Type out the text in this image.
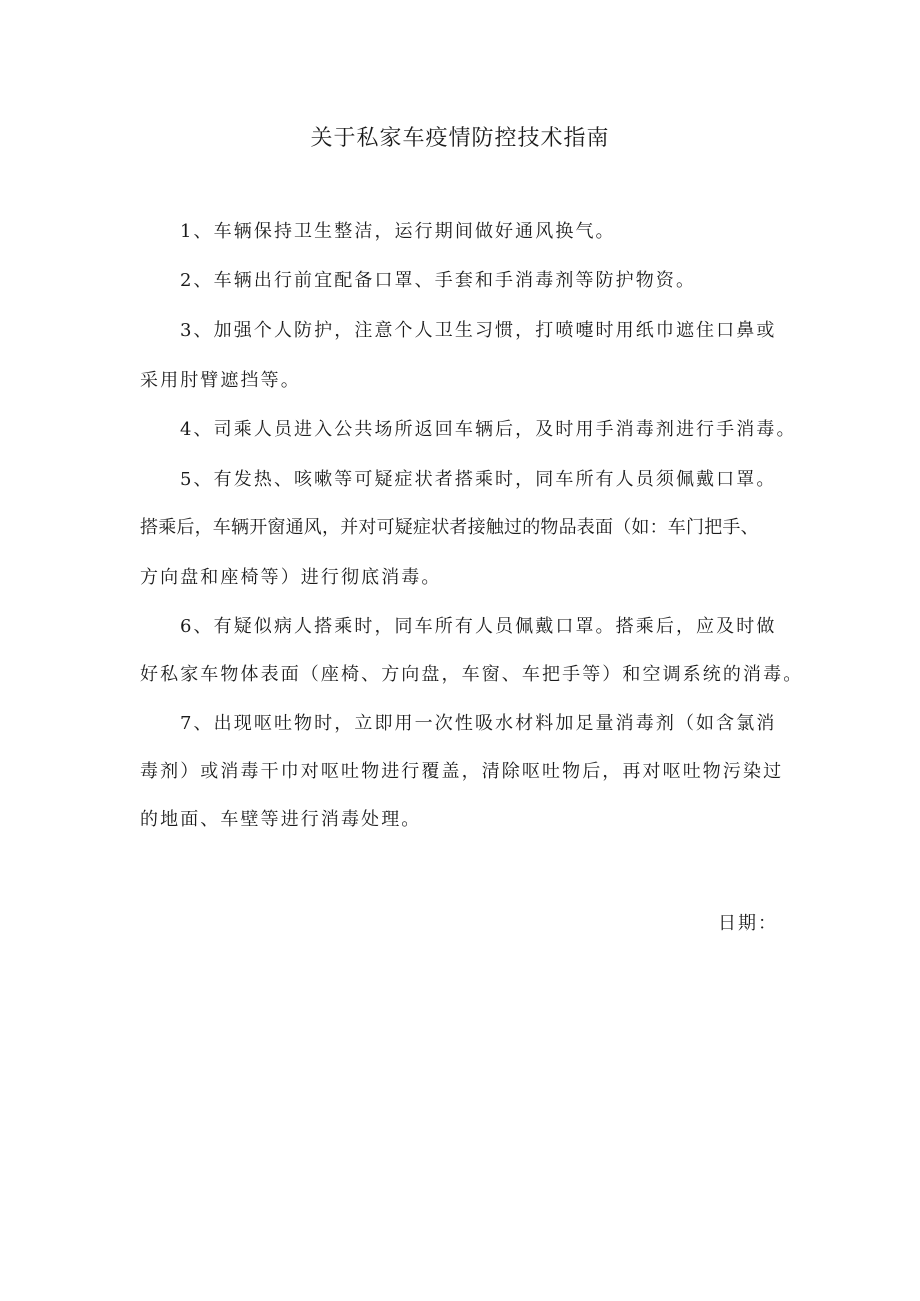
关于私家车疫情防控技术指南
1、车辆保持卫生整洁，运行期间做好通风换气。
2、车辆出行前宜配备口罩、手套和手消毒剂等防护物资。
3、加强个人防护，注意个人卫生习惯，打喷嚏时用纸巾遮住口鼻或
采用肘臂遮挡等。
4、司乘人员进入公共场所返回车辆后，及时用手消毒剂进行手消毒。
5、有发热、咳嗽等可疑症状者搭乘时，同车所有人员须佩戴口罩。
搭乘后，车辆开窗通风，并对可疑症状者接触过的物品表面（如：车门把手、
方向盘和座椅等）进行彻底消毒。
6、有疑似病人搭乘时，同车所有人员佩戴口罩。搭乘后，应及时做
好私家车物体表面（座椅、方向盘，车窗、车把手等）和空调系统的消毒。
7、出现呕吐物时，立即用一次性吸水材料加足量消毒剂（如含氯消
毒剂）或消毒干巾对呕吐物进行覆盖，清除呕吐物后，再对呕吐物污染过
的地面、车壁等进行消毒处理。
日期：
